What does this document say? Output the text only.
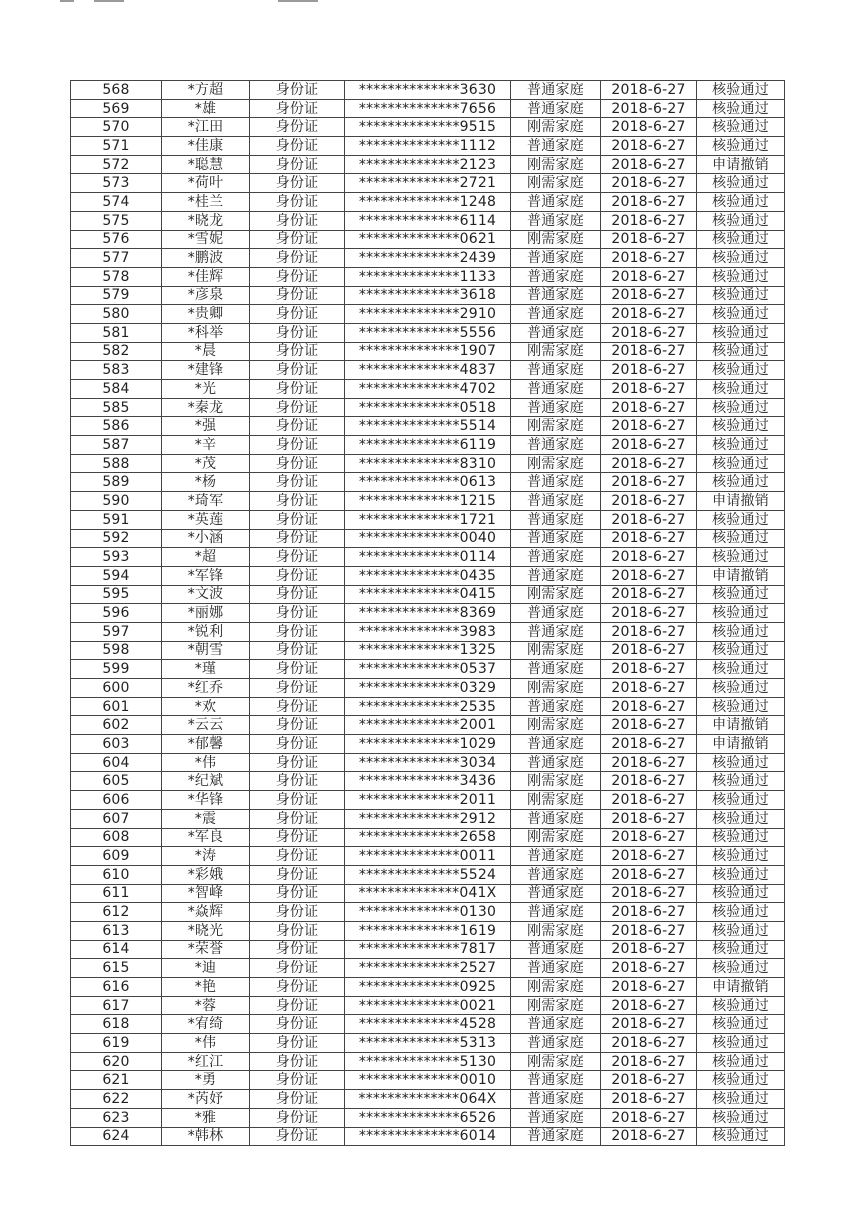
568	*方超	身份证	**************3630	普通家庭	2018-6-27	核验通过
569	*雄	身份证	**************7656	普通家庭	2018-6-27	核验通过
570	*江田	身份证	**************9515	刚需家庭	2018-6-27	核验通过
571	*佳康	身份证	**************1112	普通家庭	2018-6-27	核验通过
572	*聪慧	身份证	**************2123	刚需家庭	2018-6-27	申请撤销
573	*荷叶	身份证	**************2721	刚需家庭	2018-6-27	核验通过
574	*桂兰	身份证	**************1248	普通家庭	2018-6-27	核验通过
575	*晓龙	身份证	**************6114	普通家庭	2018-6-27	核验通过
576	*雪妮	身份证	**************0621	刚需家庭	2018-6-27	核验通过
577	*鹏波	身份证	**************2439	普通家庭	2018-6-27	核验通过
578	*佳辉	身份证	**************1133	普通家庭	2018-6-27	核验通过
579	*彦泉	身份证	**************3618	普通家庭	2018-6-27	核验通过
580	*贵卿	身份证	**************2910	普通家庭	2018-6-27	核验通过
581	*科举	身份证	**************5556	普通家庭	2018-6-27	核验通过
582	*晨	身份证	**************1907	刚需家庭	2018-6-27	核验通过
583	*建锋	身份证	**************4837	普通家庭	2018-6-27	核验通过
584	*光	身份证	**************4702	普通家庭	2018-6-27	核验通过
585	*秦龙	身份证	**************0518	普通家庭	2018-6-27	核验通过
586	*强	身份证	**************5514	刚需家庭	2018-6-27	核验通过
587	*辛	身份证	**************6119	普通家庭	2018-6-27	核验通过
588	*茂	身份证	**************8310	刚需家庭	2018-6-27	核验通过
589	*杨	身份证	**************0613	普通家庭	2018-6-27	核验通过
590	*琦军	身份证	**************1215	普通家庭	2018-6-27	申请撤销
591	*英莲	身份证	**************1721	普通家庭	2018-6-27	核验通过
592	*小涵	身份证	**************0040	普通家庭	2018-6-27	核验通过
593	*超	身份证	**************0114	普通家庭	2018-6-27	核验通过
594	*军锋	身份证	**************0435	普通家庭	2018-6-27	申请撤销
595	*文波	身份证	**************0415	刚需家庭	2018-6-27	核验通过
596	*丽娜	身份证	**************8369	普通家庭	2018-6-27	核验通过
597	*锐利	身份证	**************3983	普通家庭	2018-6-27	核验通过
598	*朝雪	身份证	**************1325	刚需家庭	2018-6-27	核验通过
599	*瑾	身份证	**************0537	普通家庭	2018-6-27	核验通过
600	*红乔	身份证	**************0329	刚需家庭	2018-6-27	核验通过
601	*欢	身份证	**************2535	普通家庭	2018-6-27	核验通过
602	*云云	身份证	**************2001	刚需家庭	2018-6-27	申请撤销
603	*郁馨	身份证	**************1029	普通家庭	2018-6-27	申请撤销
604	*伟	身份证	**************3034	普通家庭	2018-6-27	核验通过
605	*纪斌	身份证	**************3436	刚需家庭	2018-6-27	核验通过
606	*华锋	身份证	**************2011	刚需家庭	2018-6-27	核验通过
607	*震	身份证	**************2912	普通家庭	2018-6-27	核验通过
608	*军良	身份证	**************2658	刚需家庭	2018-6-27	核验通过
609	*涛	身份证	**************0011	普通家庭	2018-6-27	核验通过
610	*彩娥	身份证	**************5524	普通家庭	2018-6-27	核验通过
611	*智峰	身份证	**************041X	普通家庭	2018-6-27	核验通过
612	*焱辉	身份证	**************0130	普通家庭	2018-6-27	核验通过
613	*晓光	身份证	**************1619	刚需家庭	2018-6-27	核验通过
614	*荣誉	身份证	**************7817	普通家庭	2018-6-27	核验通过
615	*迪	身份证	**************2527	普通家庭	2018-6-27	核验通过
616	*艳	身份证	**************0925	刚需家庭	2018-6-27	申请撤销
617	*蓉	身份证	**************0021	刚需家庭	2018-6-27	核验通过
618	*宥绮	身份证	**************4528	普通家庭	2018-6-27	核验通过
619	*伟	身份证	**************5313	普通家庭	2018-6-27	核验通过
620	*红江	身份证	**************5130	刚需家庭	2018-6-27	核验通过
621	*勇	身份证	**************0010	普通家庭	2018-6-27	核验通过
622	*芮妤	身份证	**************064X	普通家庭	2018-6-27	核验通过
623	*雅	身份证	**************6526	普通家庭	2018-6-27	核验通过
624	*韩林	身份证	**************6014	普通家庭	2018-6-27	核验通过
